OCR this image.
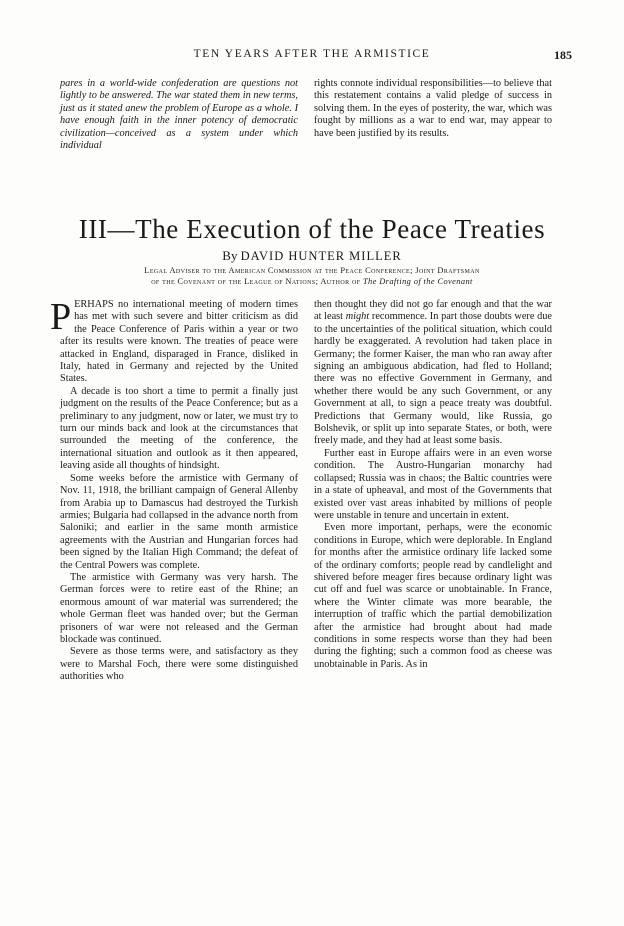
TEN YEARS AFTER THE ARMISTICE	185

pares in a world-wide confederation are questions not lightly to be answered. The war stated them in new terms, just as it stated anew the problem of Europe as a whole. I have enough faith in the inner potency of democratic civilization—conceived as a system under which individual

rights connote individual responsibilities—to believe that this restatement contains a valid pledge of success in solving them. In the eyes of posterity, the war, which was fought by millions as a war to end war, may appear to have been justified by its results.

III—The Execution of the Peace Treaties
By DAVID HUNTER MILLER
Legal Adviser to the American Commission at the Peace Conference; Joint Draftsman
of the Covenant of the League of Nations; Author of The Drafting of the Covenant

PERHAPS no international meeting of modern times has met with such severe and bitter criticism as did the Peace Conference of Paris within a year or two after its results were known. The treaties of peace were attacked in England, disparaged in France, disliked in Italy, hated in Germany and rejected by the United States.

A decade is too short a time to permit a finally just judgment on the results of the Peace Conference; but as a preliminary to any judgment, now or later, we must try to turn our minds back and look at the circumstances that surrounded the meeting of the conference, the international situation and outlook as it then appeared, leaving aside all thoughts of hindsight.

Some weeks before the armistice with Germany of Nov. 11, 1918, the brilliant campaign of General Allenby from Arabia up to Damascus had destroyed the Turkish armies; Bulgaria had collapsed in the advance north from Saloniki; and earlier in the same month armistice agreements with the Austrian and Hungarian forces had been signed by the Italian High Command; the defeat of the Central Powers was complete.

The armistice with Germany was very harsh. The German forces were to retire east of the Rhine; an enormous amount of war material was surrendered; the whole German fleet was handed over; but the German prisoners of war were not released and the German blockade was continued.

Severe as those terms were, and satisfactory as they were to Marshal Foch, there were some distinguished authorities who

then thought they did not go far enough and that the war at least might recommence. In part those doubts were due to the uncertainties of the political situation, which could hardly be exaggerated. A revolution had taken place in Germany; the former Kaiser, the man who ran away after signing an ambiguous abdication, had fled to Holland; there was no effective Government in Germany, and whether there would be any such Government, or any Government at all, to sign a peace treaty was doubtful. Predictions that Germany would, like Russia, go Bolshevik, or split up into separate States, or both, were freely made, and they had at least some basis.

Further east in Europe affairs were in an even worse condition. The Austro-Hungarian monarchy had collapsed; Russia was in chaos; the Baltic countries were in a state of upheaval, and most of the Governments that existed over vast areas inhabited by millions of people were unstable in tenure and uncertain in extent.

Even more important, perhaps, were the economic conditions in Europe, which were deplorable. In England for months after the armistice ordinary life lacked some of the ordinary comforts; people read by candlelight and shivered before meager fires because ordinary light was cut off and fuel was scarce or unobtainable. In France, where the Winter climate was more bearable, the interruption of traffic which the partial demobilization after the armistice had brought about had made conditions in some respects worse than they had been during the fighting; such a common food as cheese was unobtainable in Paris. As in
